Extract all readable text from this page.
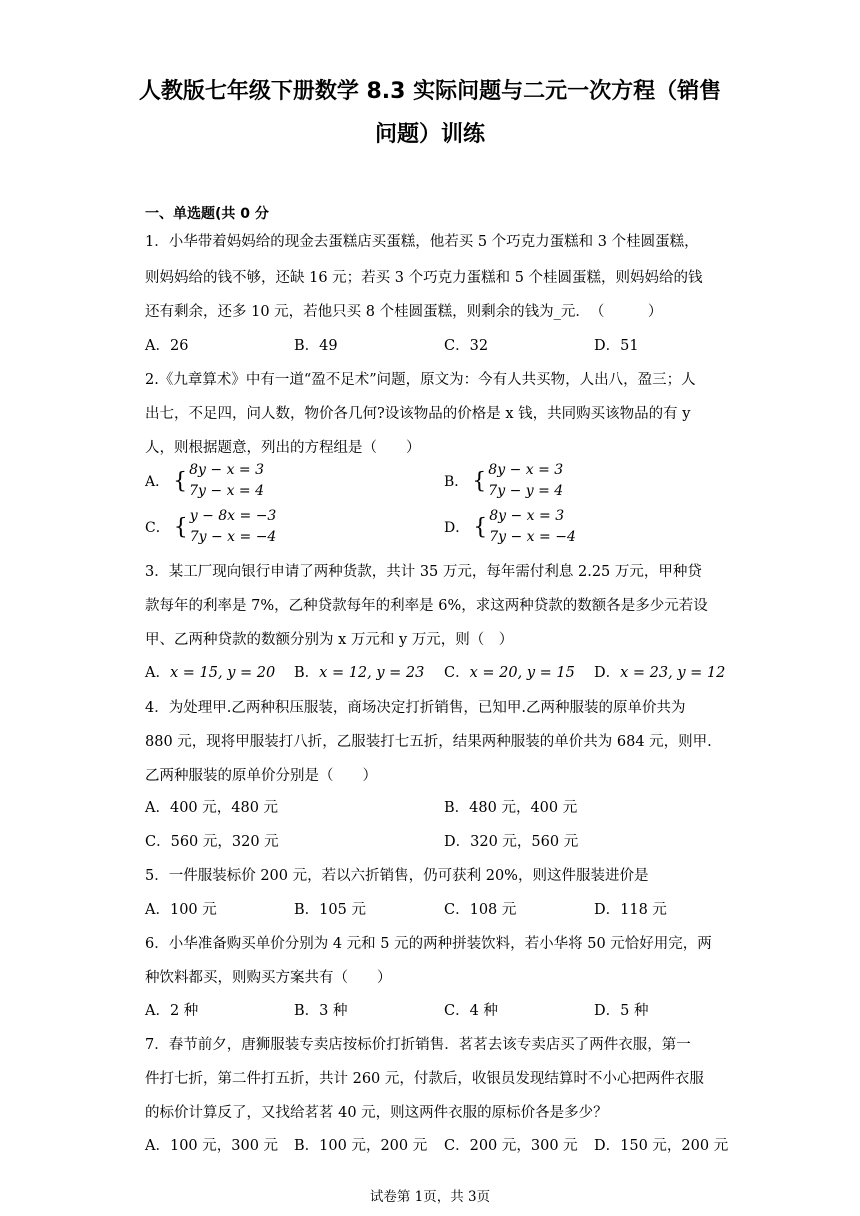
人教版七年级下册数学 8.3 实际问题与二元一次方程（销售
问题）训练
一、单选题(共 0 分
1．小华带着妈妈给的现金去蛋糕店买蛋糕，他若买 5 个巧克力蛋糕和 3 个桂圆蛋糕，
则妈妈给的钱不够，还缺 16 元；若买 3 个巧克力蛋糕和 5 个桂圆蛋糕，则妈妈给的钱
还有剩余，还多 10 元，若他只买 8 个桂圆蛋糕，则剩余的钱为_元．　（　　　）
A．26	B．49	C．32	D．51
2.《九章算术》中有一道“盈不足术”问题，原文为：今有人共买物，人出八，盈三；人
出七，不足四，问人数，物价各几何?设该物品的价格是 x 钱，共同购买该物品的有 y
人，则根据题意，列出的方程组是（　　）
A． { 8y − x = 3
7y − x = 4
B． { 8y − x = 3
7y − y = 4
C． { y − 8x = −3
7y − x = −4
D． { 8y − x = 3
7y − x = −4
3．某工厂现向银行申请了两种货款，共计 35 万元，每年需付利息 2.25 万元，甲种贷
款每年的利率是 7%，乙种贷款每年的利率是 6%，求这两种贷款的数额各是多少元若设
甲、乙两种贷款的数额分别为 x 万元和 y 万元，则（　）
A．x = 15, y = 20 B．x = 12, y = 23 C．x = 20, y = 15 D．x = 23, y = 12
4．为处理甲.乙两种积压服装，商场决定打折销售，已知甲.乙两种服装的原单价共为
880 元，现将甲服装打八折，乙服装打七五折，结果两种服装的单价共为 684 元，则甲.
乙两种服装的原单价分别是（　　）
A．400 元，480 元	B．480 元，400 元
C．560 元，320 元	D．320 元，560 元
5．一件服装标价 200 元，若以六折销售，仍可获利 20%，则这件服装进价是
A．100 元	B．105 元	C．108 元	D．118 元
6．小华准备购买单价分别为 4 元和 5 元的两种拼装饮料，若小华将 50 元恰好用完，两
种饮料都买，则购买方案共有（　　）
A．2 种	B．3 种	C．4 种	D．5 种
7．春节前夕，唐狮服装专卖店按标价打折销售．茗茗去该专卖店买了两件衣服，第一
件打七折，第二件打五折，共计 260 元，付款后，收银员发现结算时不小心把两件衣服
的标价计算反了，又找给茗茗 40 元，则这两件衣服的原标价各是多少？
A．100 元，300 元 B．100 元，200 元 C．200 元，300 元 D．150 元，200 元
试卷第 1页，共 3页
